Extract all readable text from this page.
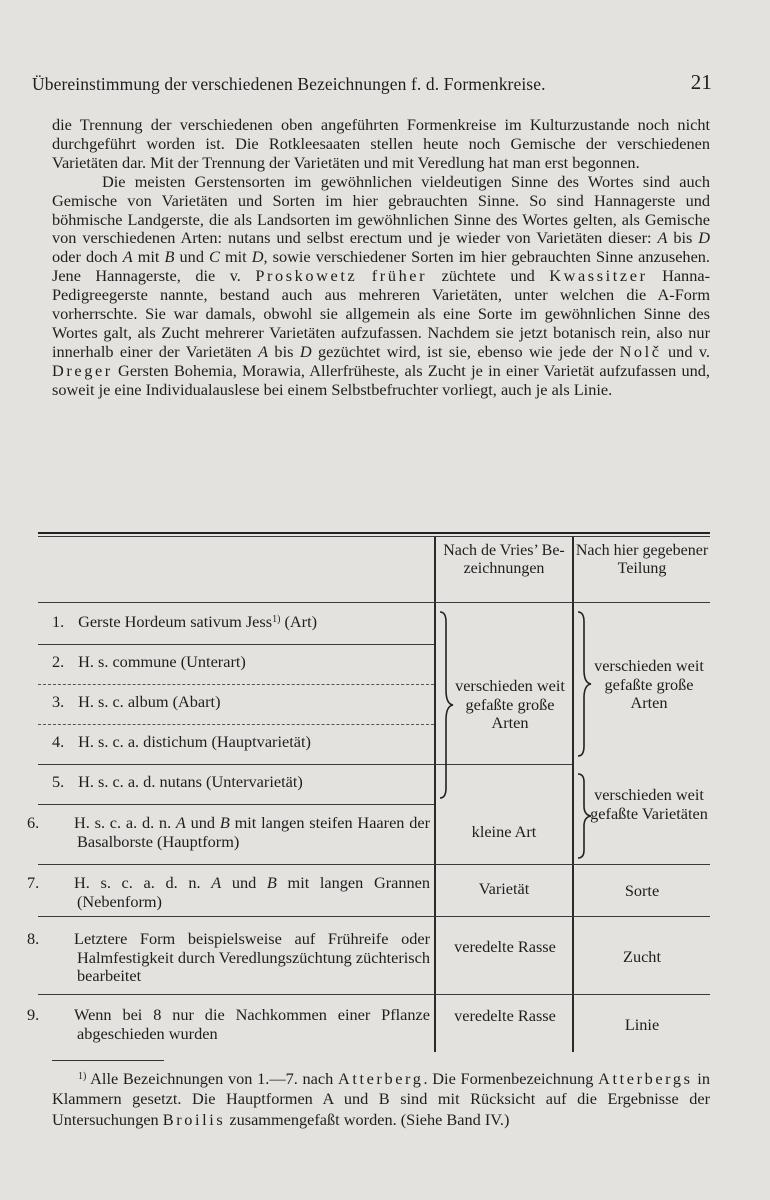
Übereinstimmung der verschiedenen Bezeichnungen f. d. Formenkreise.	21

die Trennung der verschiedenen oben angeführten Formenkreise im Kulturzustande noch nicht durchgeführt worden ist. Die Rotkleesaaten stellen heute noch Gemische der verschiedenen Varietäten dar. Mit der Trennung der Varietäten und mit Veredlung hat man erst begonnen.

Die meisten Gerstensorten im gewöhnlichen vieldeutigen Sinne des Wortes sind auch Gemische von Varietäten und Sorten im hier gebrauchten Sinne. So sind Hannagerste und böhmische Landgerste, die als Landsorten im gewöhnlichen Sinne des Wortes gelten, als Gemische von verschiedenen Arten: nutans und selbst erectum und je wieder von Varietäten dieser: A bis D oder doch A mit B und C mit D, sowie verschiedener Sorten im hier gebrauchten Sinne anzusehen. Jene Hannagerste, die v. Proskowetz früher züchtete und Kwassitzer Hanna-Pedigreegerste nannte, bestand auch aus mehreren Varietäten, unter welchen die A-Form vorherrschte. Sie war damals, obwohl sie allgemein als eine Sorte im gewöhnlichen Sinne des Wortes galt, als Zucht mehrerer Varietäten aufzufassen. Nachdem sie jetzt botanisch rein, also nur innerhalb einer der Varietäten A bis D gezüchtet wird, ist sie, ebenso wie jede der Nolč und v. Dreger Gersten Bohemia, Morawia, Allerfrüheste, als Zucht je in einer Varietät aufzufassen und, soweit je eine Individualauslese bei einem Selbstbefruchter vorliegt, auch je als Linie.

Nach de Vries’ Be- zeichnungen
Nach hier gegebener Teilung
1. Gerste Hordeum sativum Jess$^{1)}$ (Art)
2. H. s. commune (Unterart)
3. H. s. c. album (Abart)
4. H. s. c. a. distichum (Hauptvarietät)
5. H. s. c. a. d. nutans (Untervarietät)
6. H. s. c. a. d. n. A und B mit langen steifen Haaren der Basalborste (Hauptform)
7. H. s. c. a. d. n. A und B mit langen Grannen (Nebenform)
8. Letztere Form beispielsweise auf Frühreife oder Halmfestigkeit durch Veredlungszüchtung züchterisch bearbeitet
9. Wenn bei 8 nur die Nachkommen einer Pflanze abgeschieden wurden
verschieden weit gefaßte große Arten
kleine Art
Varietät
veredelte Rasse
veredelte Rasse
verschieden weit gefaßte große Arten
verschieden weit gefaßte Varietäten
Sorte
Zucht
Linie

$^{1)}$ Alle Bezeichnungen von 1.—7. nach Atterberg. Die Formenbezeichnung Atterbergs in Klammern gesetzt. Die Hauptformen A und B sind mit Rücksicht auf die Ergebnisse der Untersuchungen Broilis zusammengefaßt worden. (Siehe Band IV.)
